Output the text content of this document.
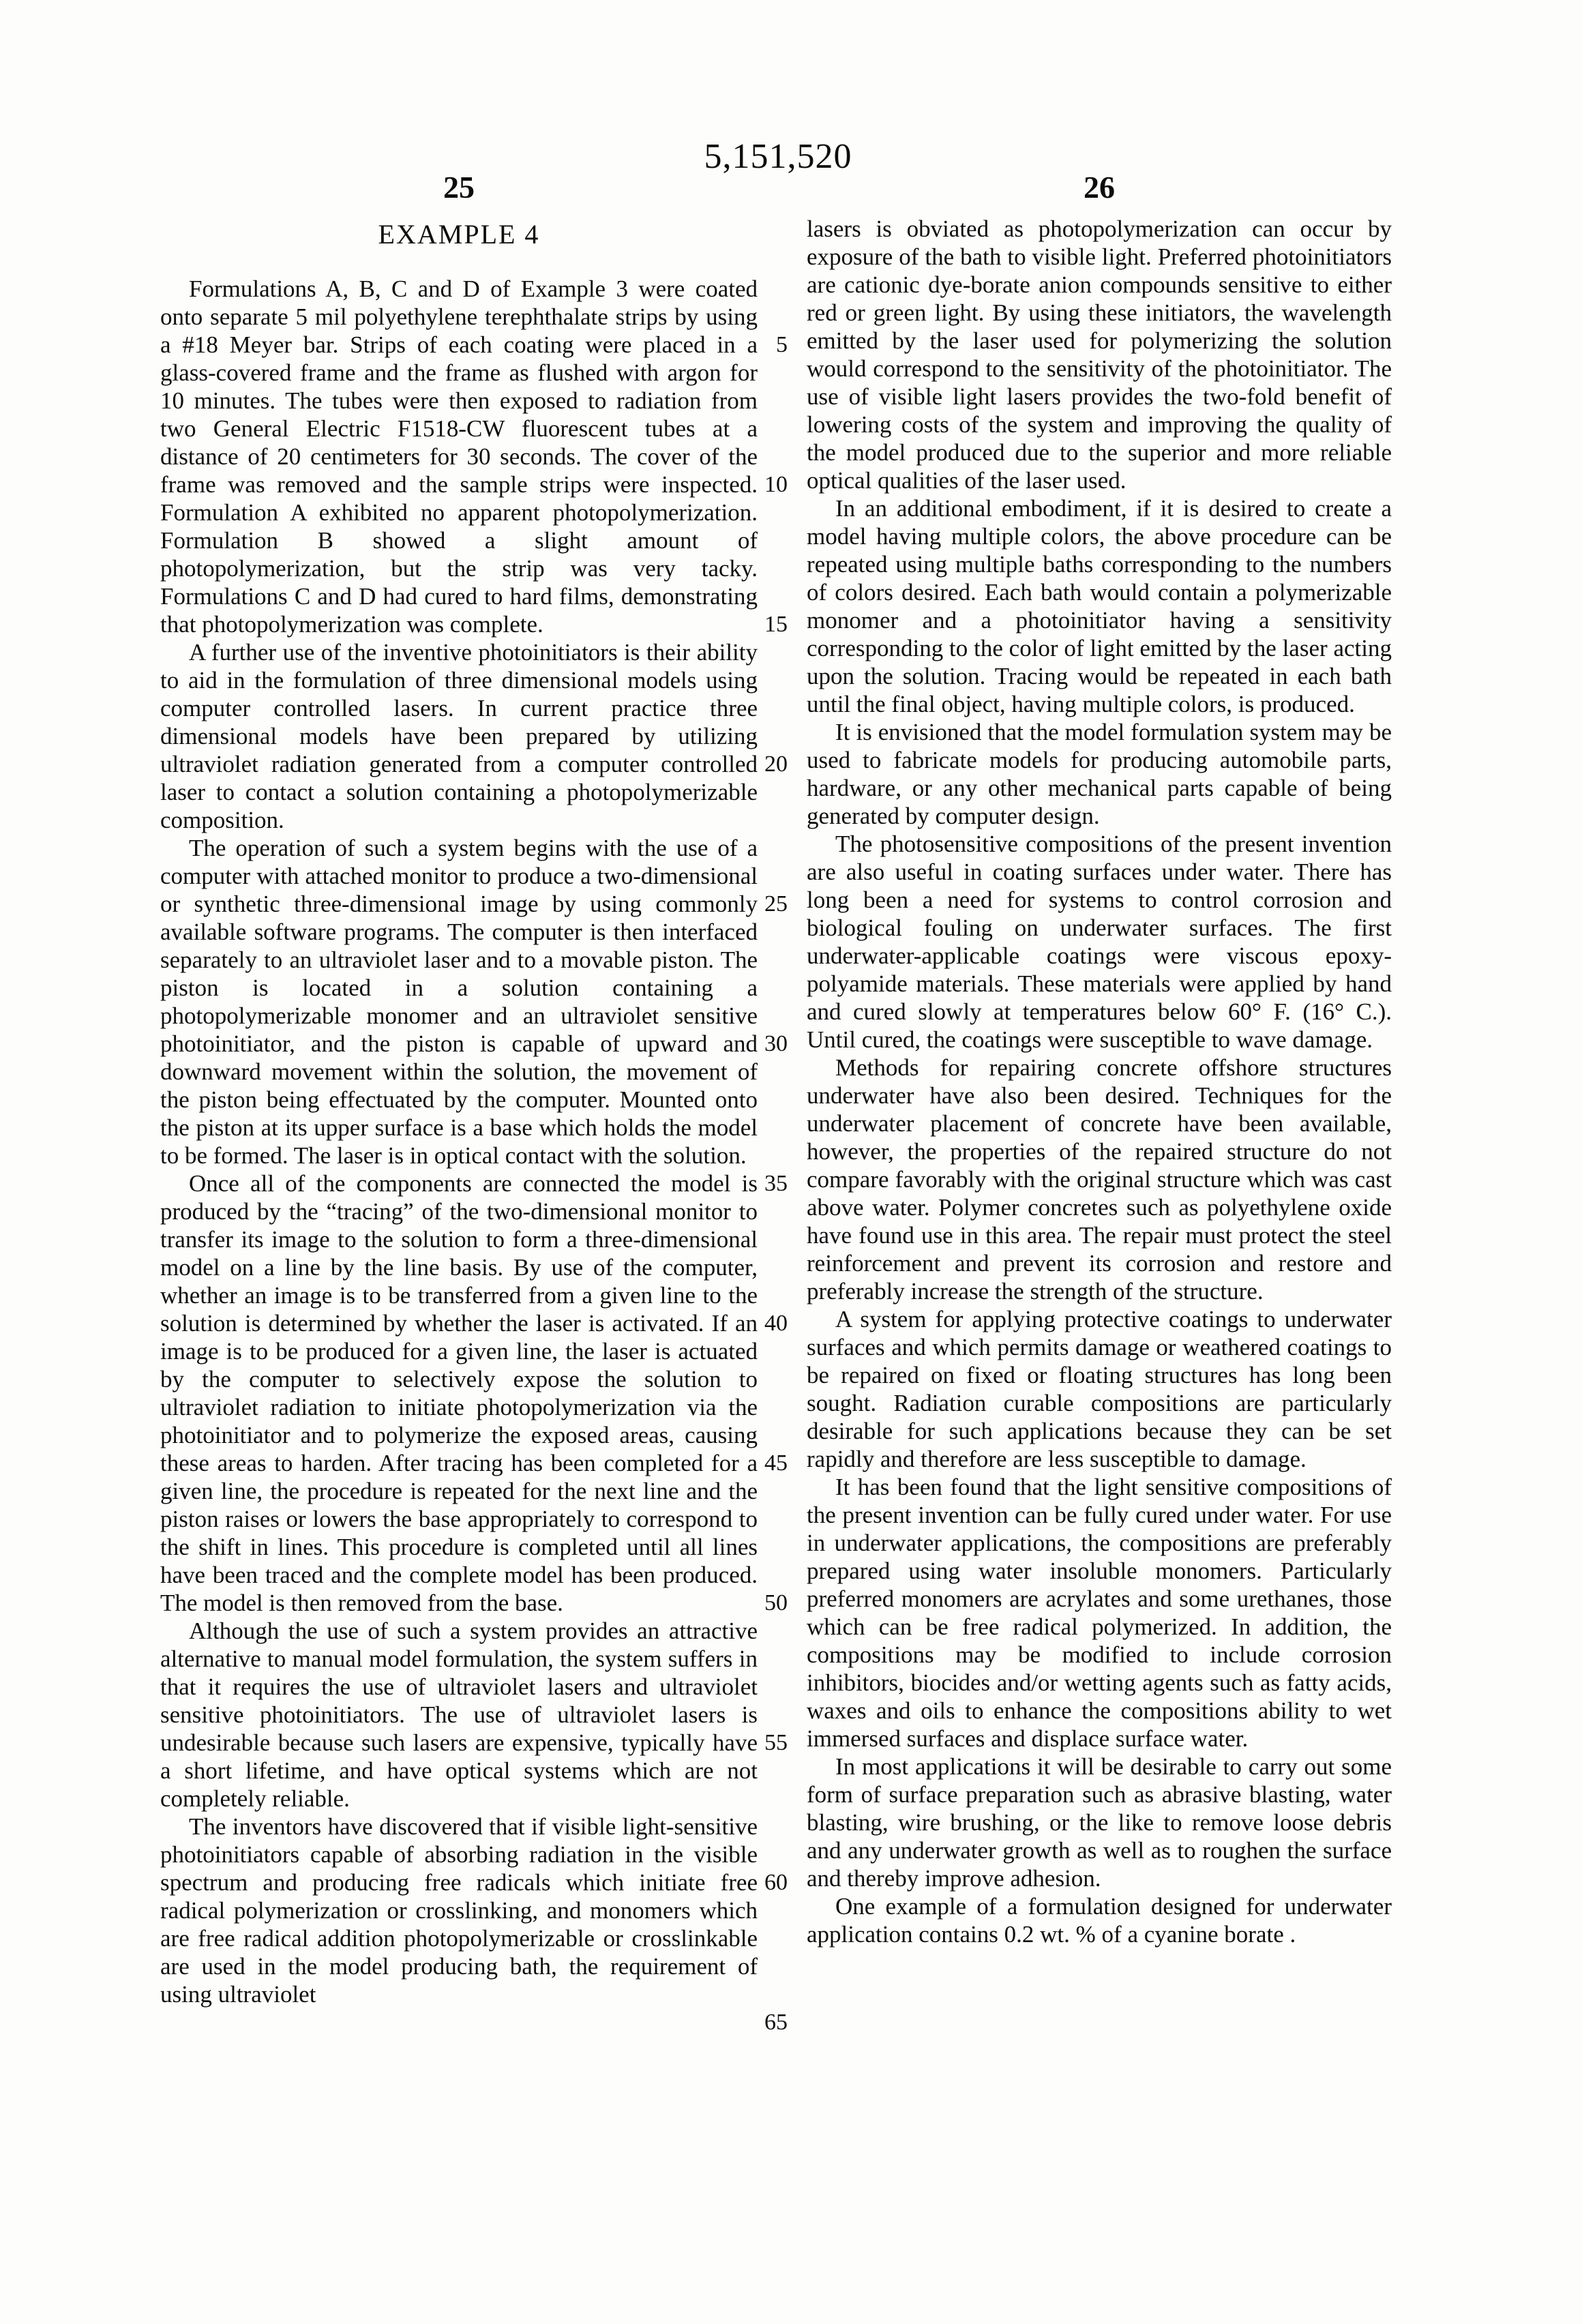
5,151,520
25	26
EXAMPLE 4

Formulations A, B, C and D of Example 3 were coated onto separate 5 mil polyethylene terephthalate strips by using a #18 Meyer bar. Strips of each coating were placed in a glass-covered frame and the frame as flushed with argon for 10 minutes. The tubes were then exposed to radiation from two General Electric F1518-CW fluorescent tubes at a distance of 20 centimeters for 30 seconds. The cover of the frame was removed and the sample strips were inspected. Formulation A exhibited no apparent photopolymerization. Formulation B showed a slight amount of photopolymerization, but the strip was very tacky. Formulations C and D had cured to hard films, demonstrating that photopolymerization was complete.

A further use of the inventive photoinitiators is their ability to aid in the formulation of three dimensional models using computer controlled lasers. In current practice three dimensional models have been prepared by utilizing ultraviolet radiation generated from a computer controlled laser to contact a solution containing a photopolymerizable composition.

The operation of such a system begins with the use of a computer with attached monitor to produce a two-dimensional or synthetic three-dimensional image by using commonly available software programs. The computer is then interfaced separately to an ultraviolet laser and to a movable piston. The piston is located in a solution containing a photopolymerizable monomer and an ultraviolet sensitive photoinitiator, and the piston is capable of upward and downward movement within the solution, the movement of the piston being effectuated by the computer. Mounted onto the piston at its upper surface is a base which holds the model to be formed. The laser is in optical contact with the solution.

Once all of the components are connected the model is produced by the “tracing” of the two-dimensional monitor to transfer its image to the solution to form a three-dimensional model on a line by the line basis. By use of the computer, whether an image is to be transferred from a given line to the solution is determined by whether the laser is activated. If an image is to be produced for a given line, the laser is actuated by the computer to selectively expose the solution to ultraviolet radiation to initiate photopolymerization via the photoinitiator and to polymerize the exposed areas, causing these areas to harden. After tracing has been completed for a given line, the procedure is repeated for the next line and the piston raises or lowers the base appropriately to correspond to the shift in lines. This procedure is completed until all lines have been traced and the complete model has been produced. The model is then removed from the base.

Although the use of such a system provides an attractive alternative to manual model formulation, the system suffers in that it requires the use of ultraviolet lasers and ultraviolet sensitive photoinitiators. The use of ultraviolet lasers is undesirable because such lasers are expensive, typically have a short lifetime, and have optical systems which are not completely reliable.

The inventors have discovered that if visible light-sensitive photoinitiators capable of absorbing radiation in the visible spectrum and producing free radicals which initiate free radical polymerization or crosslinking, and monomers which are free radical addition photopolymerizable or crosslinkable are used in the model producing bath, the requirement of using ultraviolet

lasers is obviated as photopolymerization can occur by exposure of the bath to visible light. Preferred photoinitiators are cationic dye-borate anion compounds sensitive to either red or green light. By using these initiators, the wavelength emitted by the laser used for polymerizing the solution would correspond to the sensitivity of the photoinitiator. The use of visible light lasers provides the two-fold benefit of lowering costs of the system and improving the quality of the model produced due to the superior and more reliable optical qualities of the laser used.

In an additional embodiment, if it is desired to create a model having multiple colors, the above procedure can be repeated using multiple baths corresponding to the numbers of colors desired. Each bath would contain a polymerizable monomer and a photoinitiator having a sensitivity corresponding to the color of light emitted by the laser acting upon the solution. Tracing would be repeated in each bath until the final object, having multiple colors, is produced.

It is envisioned that the model formulation system may be used to fabricate models for producing automobile parts, hardware, or any other mechanical parts capable of being generated by computer design.

The photosensitive compositions of the present invention are also useful in coating surfaces under water. There has long been a need for systems to control corrosion and biological fouling on underwater surfaces. The first underwater-applicable coatings were viscous epoxy-polyamide materials. These materials were applied by hand and cured slowly at temperatures below 60° F. (16° C.). Until cured, the coatings were susceptible to wave damage.

Methods for repairing concrete offshore structures underwater have also been desired. Techniques for the underwater placement of concrete have been available, however, the properties of the repaired structure do not compare favorably with the original structure which was cast above water. Polymer concretes such as polyethylene oxide have found use in this area. The repair must protect the steel reinforcement and prevent its corrosion and restore and preferably increase the strength of the structure.

A system for applying protective coatings to underwater surfaces and which permits damage or weathered coatings to be repaired on fixed or floating structures has long been sought. Radiation curable compositions are particularly desirable for such applications because they can be set rapidly and therefore are less susceptible to damage.

It has been found that the light sensitive compositions of the present invention can be fully cured under water. For use in underwater applications, the compositions are preferably prepared using water insoluble monomers. Particularly preferred monomers are acrylates and some urethanes, those which can be free radical polymerized. In addition, the compositions may be modified to include corrosion inhibitors, biocides and/or wetting agents such as fatty acids, waxes and oils to enhance the compositions ability to wet immersed surfaces and displace surface water.

In most applications it will be desirable to carry out some form of surface preparation such as abrasive blasting, water blasting, wire brushing, or the like to remove loose debris and any underwater growth as well as to roughen the surface and thereby improve adhesion.

One example of a formulation designed for underwater application contains 0.2 wt. % of a cyanine borate .

5
10
15
20
25
30
35
40
45
50
55
60
65
